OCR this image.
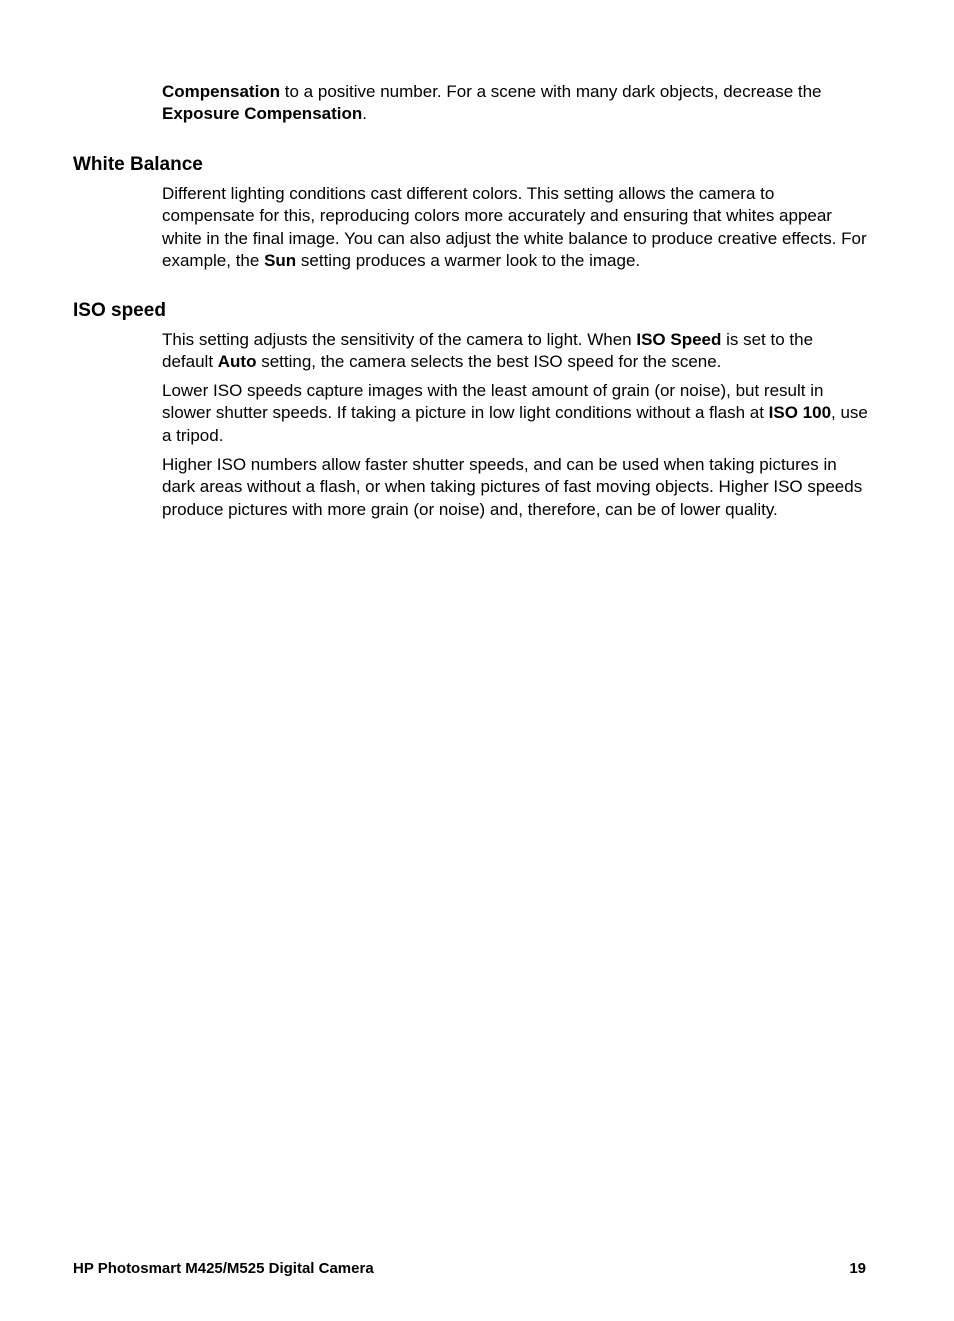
Compensation to a positive number. For a scene with many dark objects, decrease the Exposure Compensation.

White Balance

Different lighting conditions cast different colors. This setting allows the camera to compensate for this, reproducing colors more accurately and ensuring that whites appear white in the final image. You can also adjust the white balance to produce creative effects. For example, the Sun setting produces a warmer look to the image.

ISO speed

This setting adjusts the sensitivity of the camera to light. When ISO Speed is set to the default Auto setting, the camera selects the best ISO speed for the scene.

Lower ISO speeds capture images with the least amount of grain (or noise), but result in slower shutter speeds. If taking a picture in low light conditions without a flash at ISO 100, use a tripod.

Higher ISO numbers allow faster shutter speeds, and can be used when taking pictures in dark areas without a flash, or when taking pictures of fast moving objects. Higher ISO speeds produce pictures with more grain (or noise) and, therefore, can be of lower quality.

HP Photosmart M425/M525 Digital Camera	19
